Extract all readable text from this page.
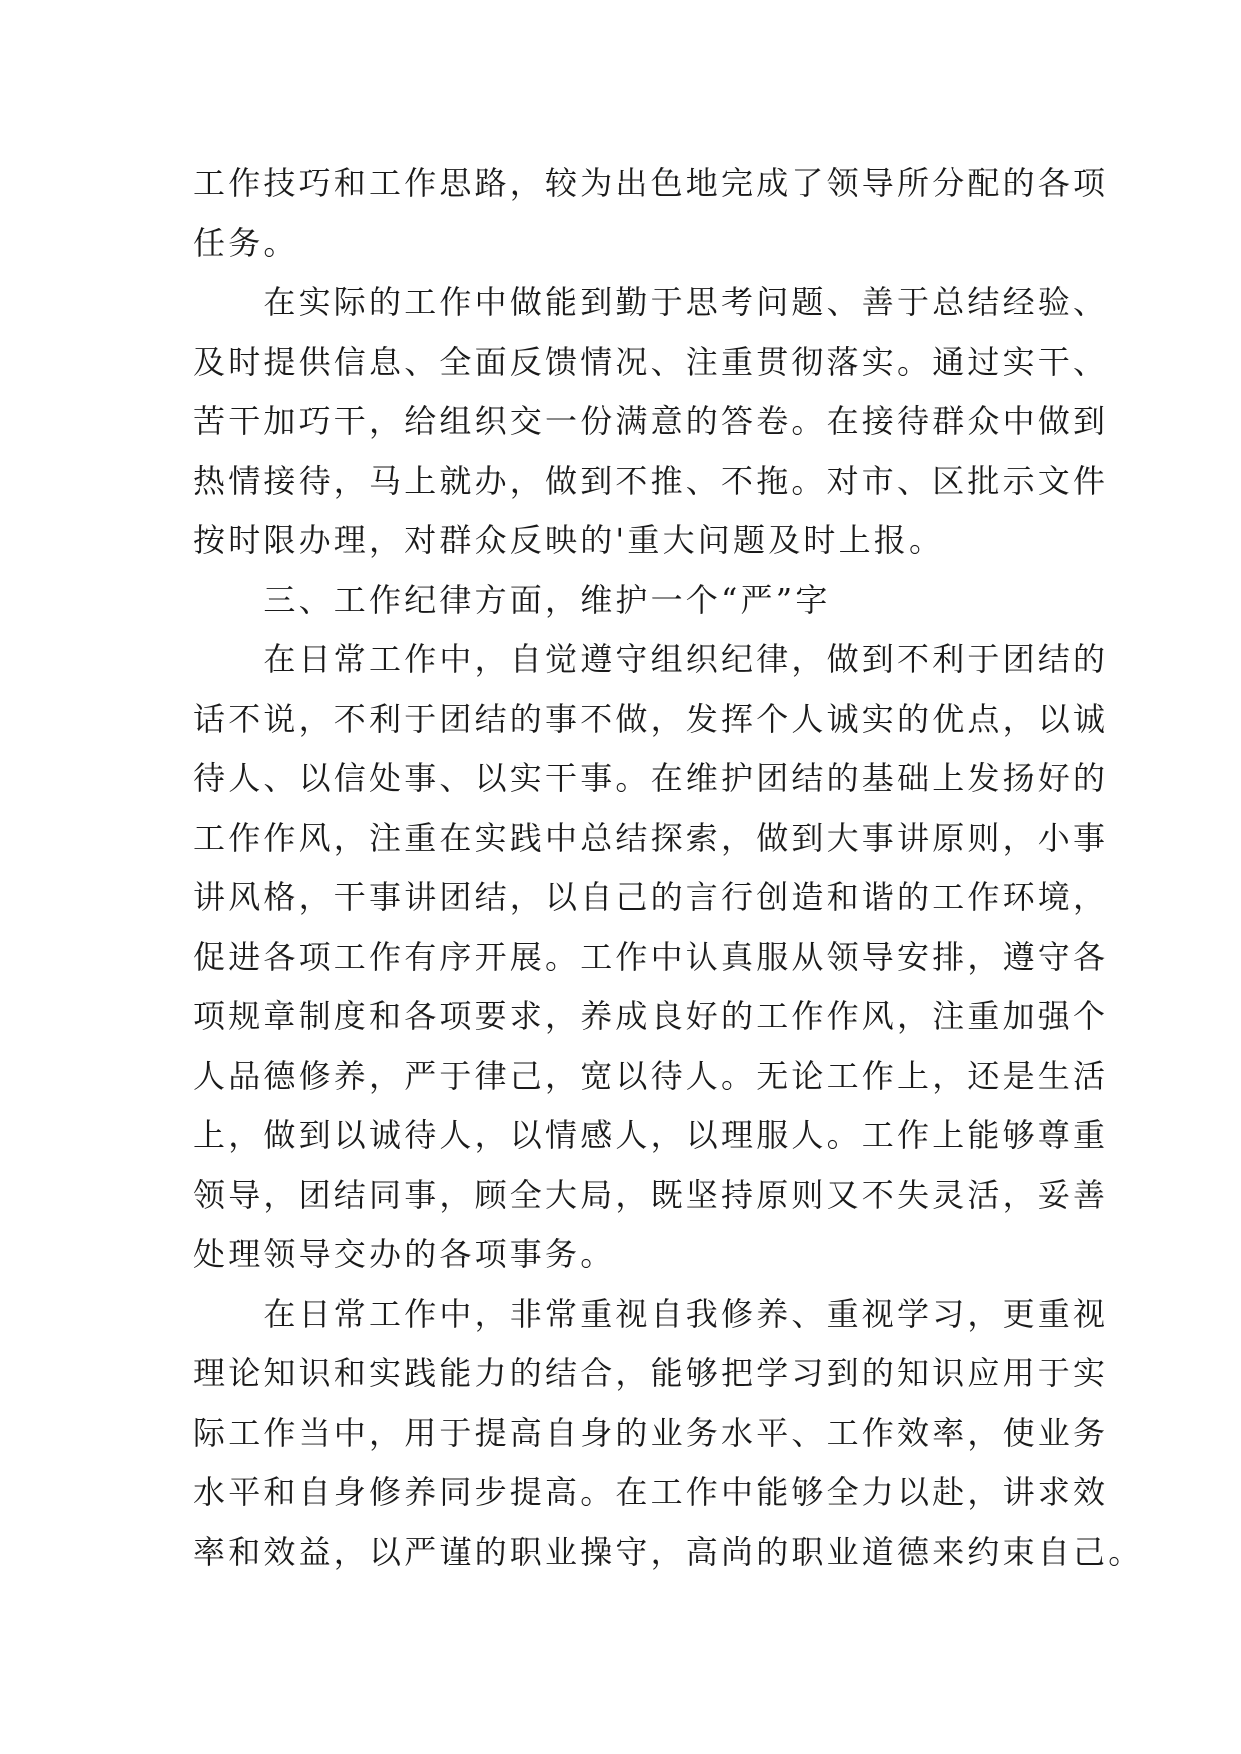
工作技巧和工作思路，较为出色地完成了领导所分配的各项
任务。
　　在实际的工作中做能到勤于思考问题、善于总结经验、
及时提供信息、全面反馈情况、注重贯彻落实。通过实干、
苦干加巧干，给组织交一份满意的答卷。在接待群众中做到
热情接待，马上就办，做到不推、不拖。对市、区批示文件
按时限办理，对群众反映的'重大问题及时上报。
　　三、工作纪律方面，维护一个“严”字
　　在日常工作中，自觉遵守组织纪律，做到不利于团结的
话不说，不利于团结的事不做，发挥个人诚实的优点，以诚
待人、以信处事、以实干事。在维护团结的基础上发扬好的
工作作风，注重在实践中总结探索，做到大事讲原则，小事
讲风格，干事讲团结，以自己的言行创造和谐的工作环境，
促进各项工作有序开展。工作中认真服从领导安排，遵守各
项规章制度和各项要求，养成良好的工作作风，注重加强个
人品德修养，严于律己，宽以待人。无论工作上，还是生活
上，做到以诚待人，以情感人，以理服人。工作上能够尊重
领导，团结同事，顾全大局，既坚持原则又不失灵活，妥善
处理领导交办的各项事务。
　　在日常工作中，非常重视自我修养、重视学习，更重视
理论知识和实践能力的结合，能够把学习到的知识应用于实
际工作当中，用于提高自身的业务水平、工作效率，使业务
水平和自身修养同步提高。在工作中能够全力以赴，讲求效
率和效益，以严谨的职业操守，高尚的职业道德来约束自己。
